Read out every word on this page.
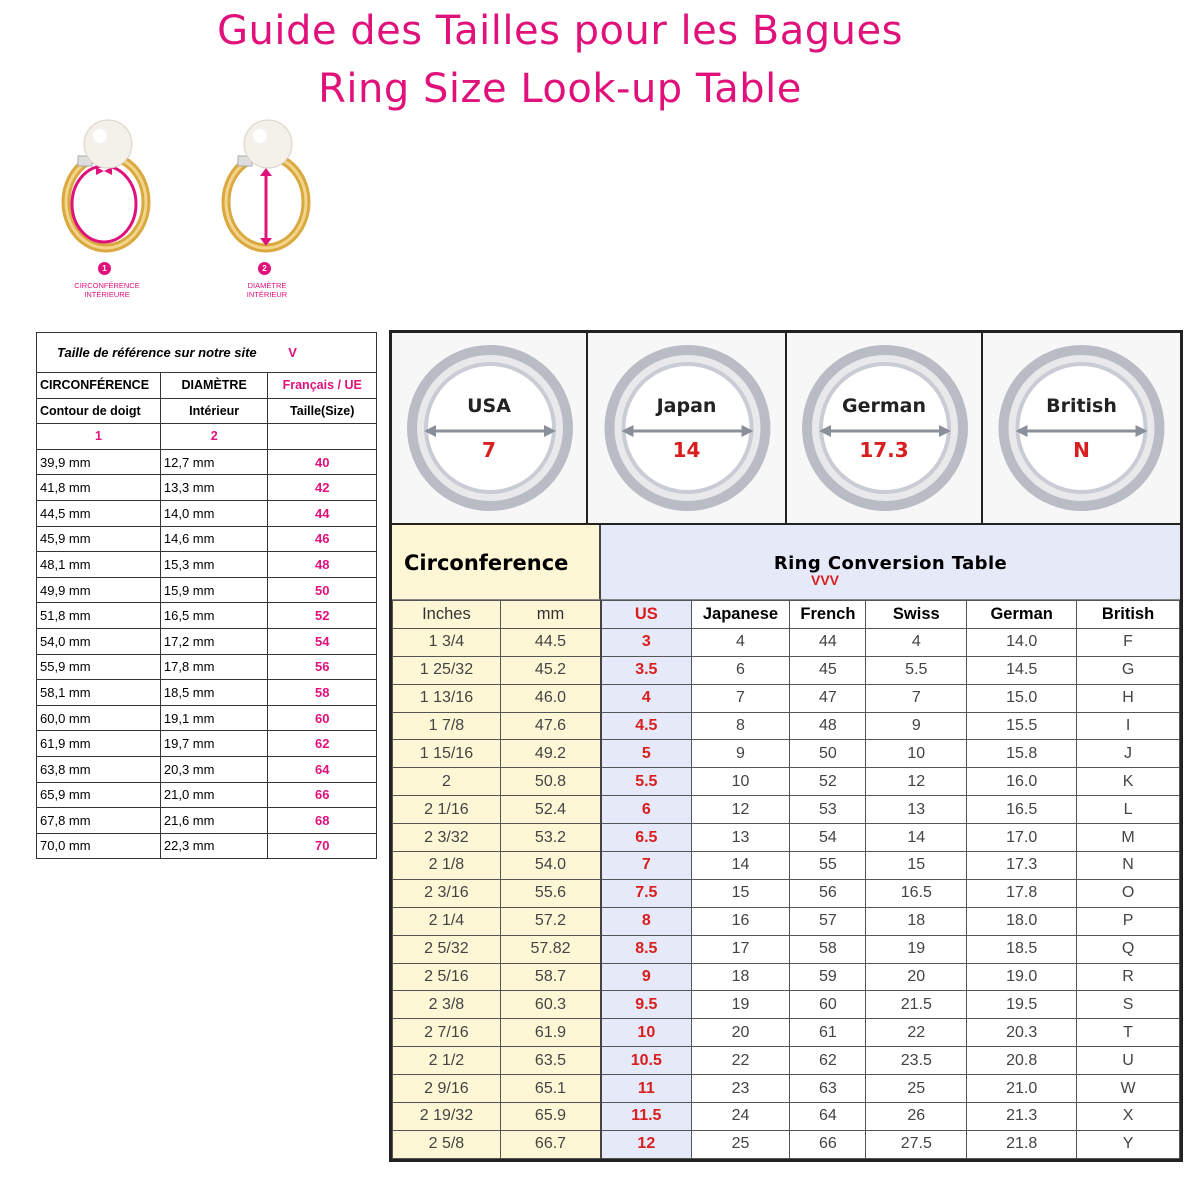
Guide des Tailles pour les Bagues
Ring Size Look-up Table
1
CIRCONFÉRENCE
INTÉRIEURE
2
DIAMÈTRE
INTÉRIEUR
Taille de référence sur notre site V		
CIRCONFÉRENCE	DIAMÈTRE	Français / UE
Contour de doigt	Intérieur	Taille(Size)
1	2	
39,9 mm	12,7 mm	40
41,8 mm	13,3 mm	42
44,5 mm	14,0 mm	44
45,9 mm	14,6 mm	46
48,1 mm	15,3 mm	48
49,9 mm	15,9 mm	50
51,8 mm	16,5 mm	52
54,0 mm	17,2 mm	54
55,9 mm	17,8 mm	56
58,1 mm	18,5 mm	58
60,0 mm	19,1 mm	60
61,9 mm	19,7 mm	62
63,8 mm	20,3 mm	64
65,9 mm	21,0 mm	66
67,8 mm	21,6 mm	68
70,0 mm	22,3 mm	70
USA
7
Japan
14
German
17.3
British
N
Circonference	Ring Conversion Table
VVV
Inches	mm	US	Japanese	French	Swiss	German	British
1 3/4	44.5	3	4	44	4	14.0	F
1 25/32	45.2	3.5	6	45	5.5	14.5	G
1 13/16	46.0	4	7	47	7	15.0	H
1 7/8	47.6	4.5	8	48	9	15.5	I
1 15/16	49.2	5	9	50	10	15.8	J
2	50.8	5.5	10	52	12	16.0	K
2 1/16	52.4	6	12	53	13	16.5	L
2 3/32	53.2	6.5	13	54	14	17.0	M
2 1/8	54.0	7	14	55	15	17.3	N
2 3/16	55.6	7.5	15	56	16.5	17.8	O
2 1/4	57.2	8	16	57	18	18.0	P
2 5/32	57.82	8.5	17	58	19	18.5	Q
2 5/16	58.7	9	18	59	20	19.0	R
2 3/8	60.3	9.5	19	60	21.5	19.5	S
2 7/16	61.9	10	20	61	22	20.3	T
2 1/2	63.5	10.5	22	62	23.5	20.8	U
2 9/16	65.1	11	23	63	25	21.0	W
2 19/32	65.9	11.5	24	64	26	21.3	X
2 5/8	66.7	12	25	66	27.5	21.8	Y
